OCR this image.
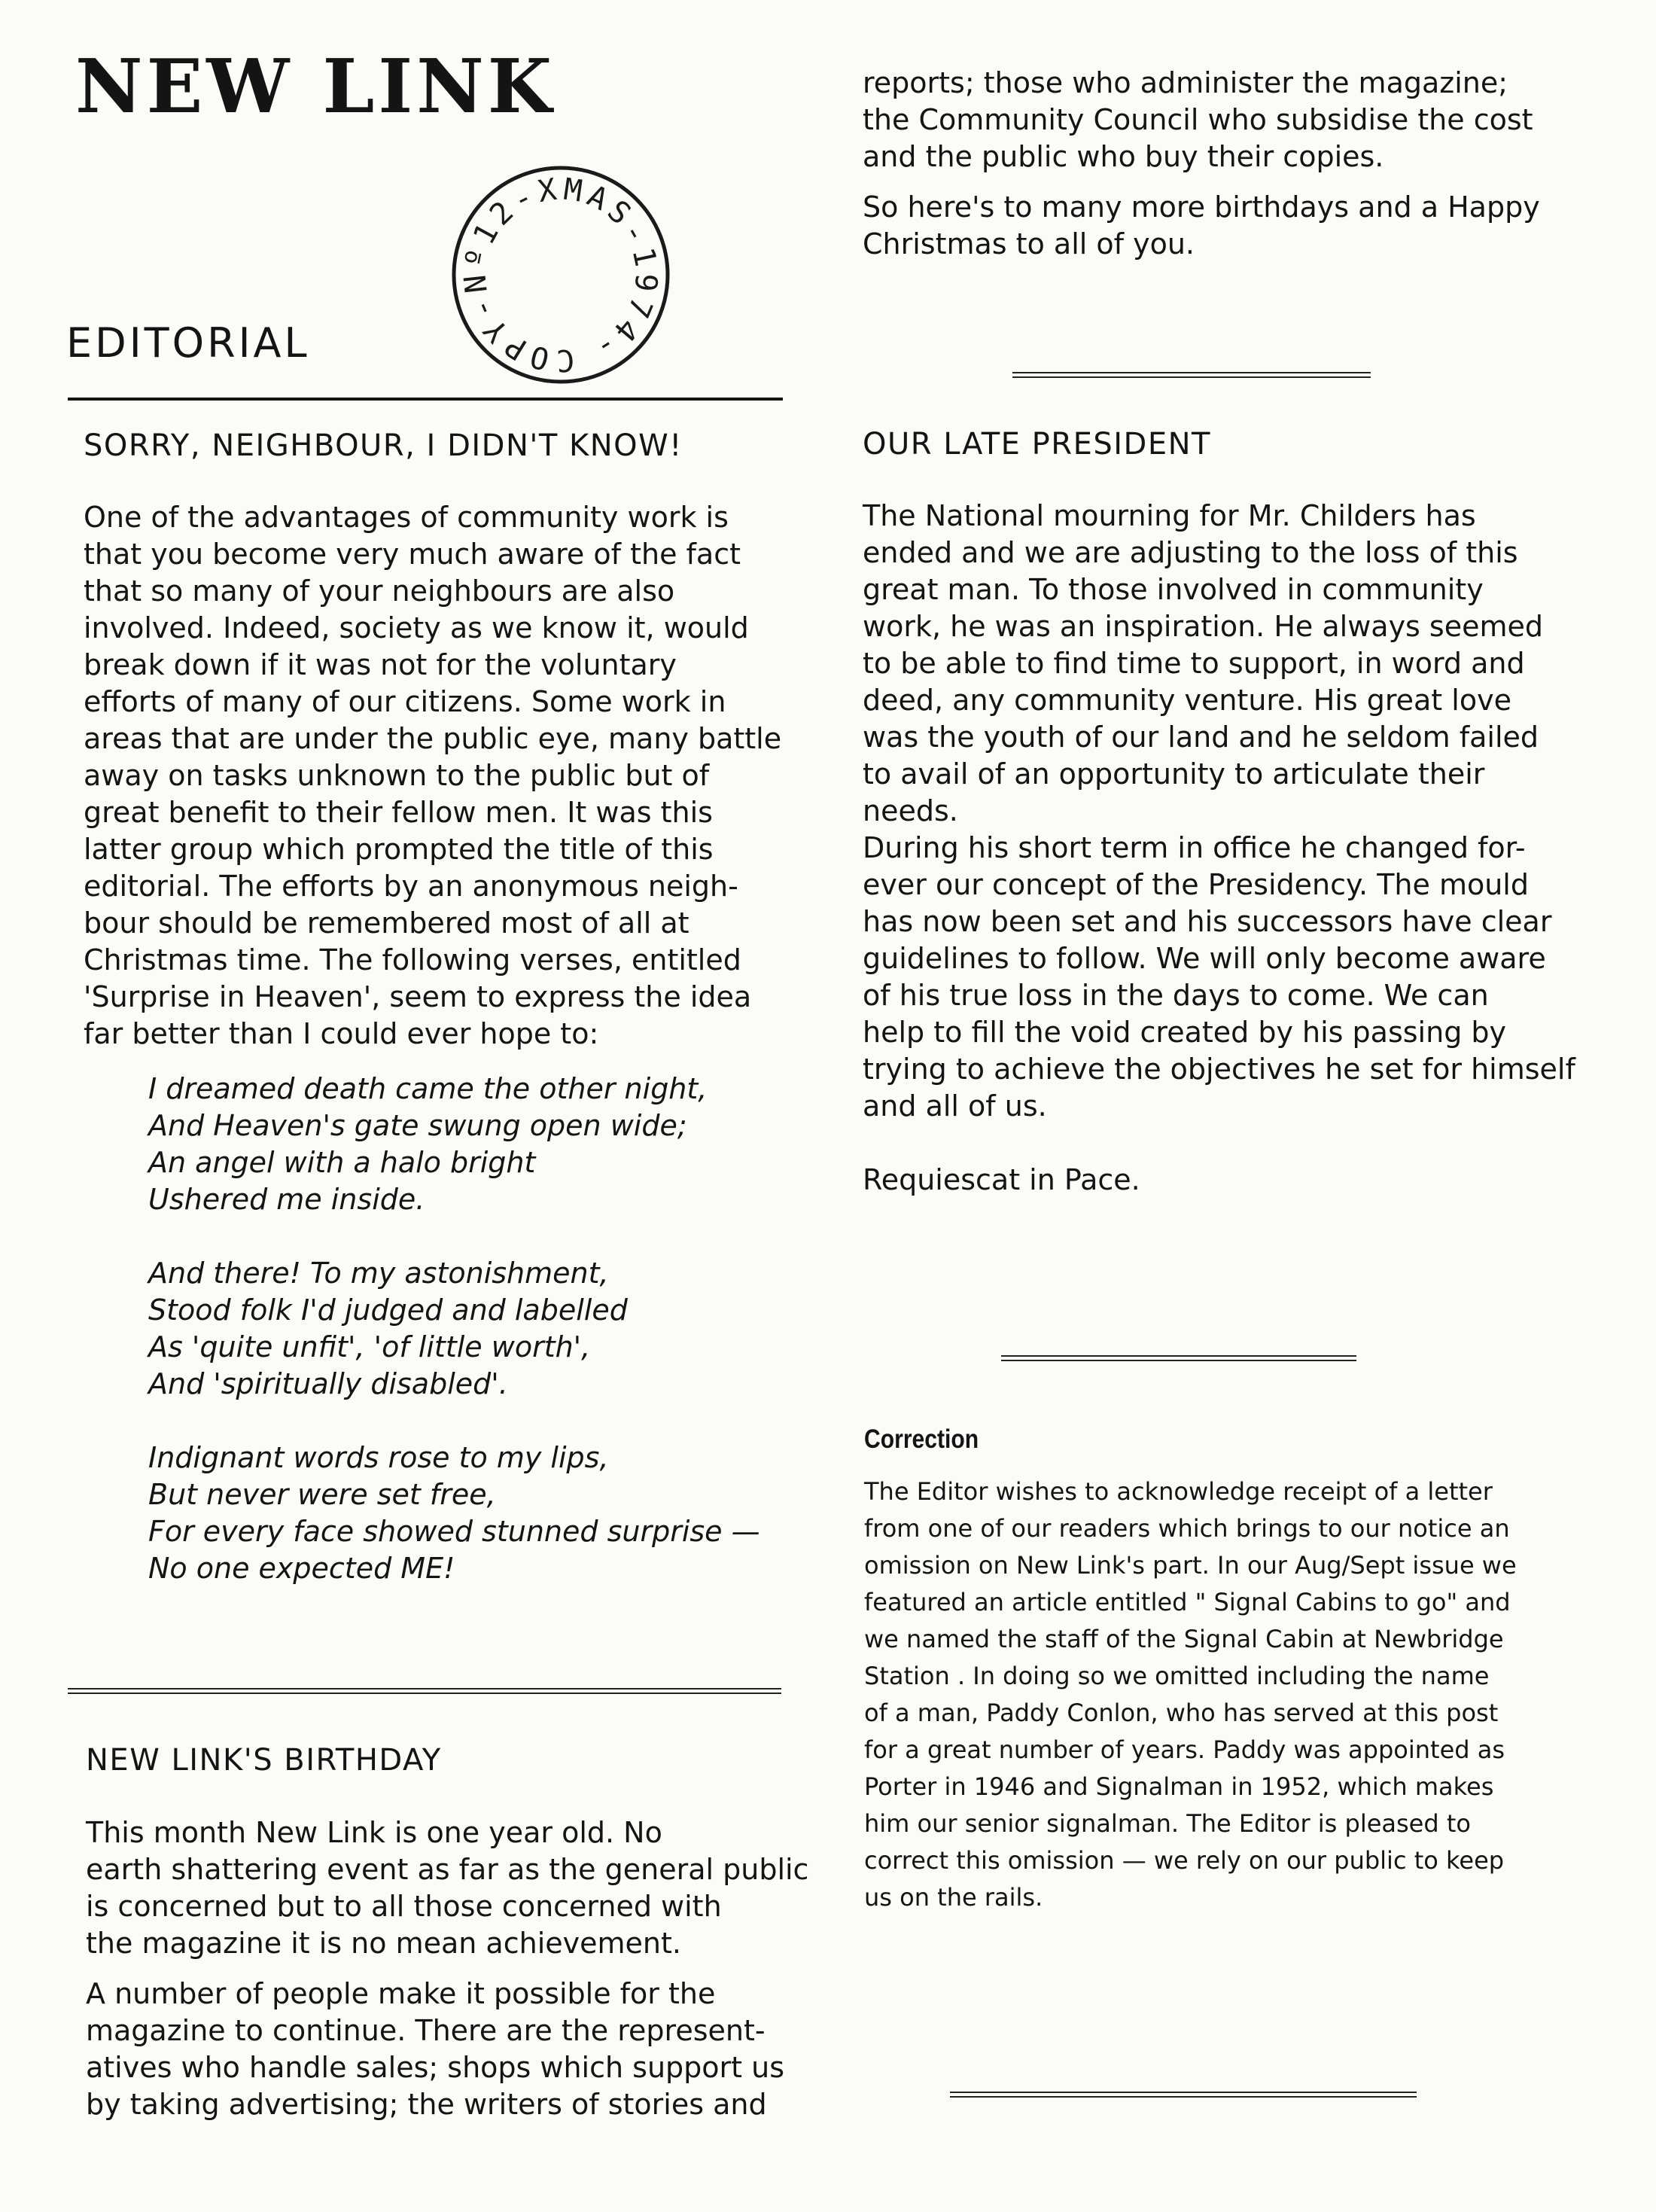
NEW LINK
EDITORIAL	COPY-Nº12-XMAS-1974-
SORRY, NEIGHBOUR, I DIDN'T KNOW!

One of the advantages of community work is
that you become very much aware of the fact
that so many of your neighbours are also
involved. Indeed, society as we know it, would
break down if it was not for the voluntary
efforts of many of our citizens. Some work in
areas that are under the public eye, many battle
away on tasks unknown to the public but of
great benefit to their fellow men. It was this
latter group which prompted the title of this
editorial. The efforts by an anonymous neigh-
bour should be remembered most of all at
Christmas time. The following verses, entitled
'Surprise in Heaven', seem to express the idea
far better than I could ever hope to:

I dreamed death came the other night,
And Heaven's gate swung open wide;
An angel with a halo bright
Ushered me inside.

And there! To my astonishment,
Stood folk I'd judged and labelled
As 'quite unfit', 'of little worth',
And 'spiritually disabled'.

Indignant words rose to my lips,
But never were set free,
For every face showed stunned surprise —
No one expected ME!

NEW LINK'S BIRTHDAY

This month New Link is one year old. No
earth shattering event as far as the general public
is concerned but to all those concerned with
the magazine it is no mean achievement.

A number of people make it possible for the
magazine to continue. There are the represent-
atives who handle sales; shops which support us
by taking advertising; the writers of stories and

reports; those who administer the magazine;
the Community Council who subsidise the cost
and the public who buy their copies.

So here's to many more birthdays and a Happy
Christmas to all of you.

OUR LATE PRESIDENT

The National mourning for Mr. Childers has
ended and we are adjusting to the loss of this
great man. To those involved in community
work, he was an inspiration. He always seemed
to be able to find time to support, in word and
deed, any community venture. His great love
was the youth of our land and he seldom failed
to avail of an opportunity to articulate their
needs.
During his short term in office he changed for-
ever our concept of the Presidency. The mould
has now been set and his successors have clear
guidelines to follow. We will only become aware
of his true loss in the days to come. We can
help to fill the void created by his passing by
trying to achieve the objectives he set for himself
and all of us.

Requiescat in Pace.

Correction

The Editor wishes to acknowledge receipt of a letter
from one of our readers which brings to our notice an
omission on New Link's part. In our Aug/Sept issue we
featured an article entitled " Signal Cabins to go" and
we named the staff of the Signal Cabin at Newbridge
Station . In doing so we omitted including the name
of a man, Paddy Conlon, who has served at this post
for a great number of years. Paddy was appointed as
Porter in 1946 and Signalman in 1952, which makes
him our senior signalman. The Editor is pleased to
correct this omission — we rely on our public to keep
us on the rails.
